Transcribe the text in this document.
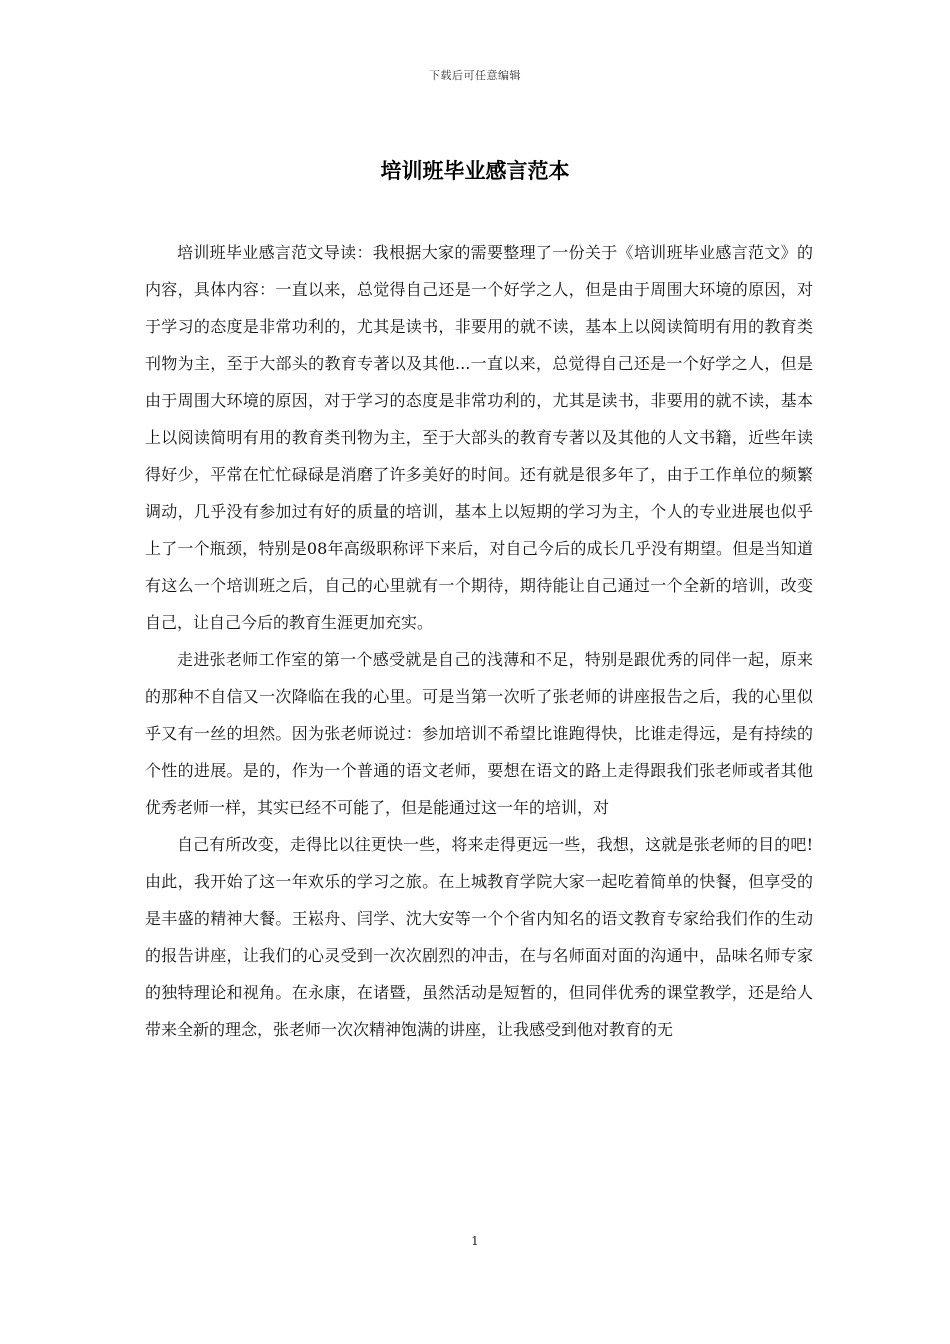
下载后可任意编辑
培训班毕业感言范本

培训班毕业感言范文导读：我根据大家的需要整理了一份关于《培训班毕业感言范文》的内容，具体内容：一直以来，总觉得自己还是一个好学之人，但是由于周围大环境的原因，对于学习的态度是非常功利的，尤其是读书，非要用的就不读，基本上以阅读简明有用的教育类刊物为主，至于大部头的教育专著以及其他...一直以来，总觉得自己还是一个好学之人，但是由于周围大环境的原因，对于学习的态度是非常功利的，尤其是读书，非要用的就不读，基本上以阅读简明有用的教育类刊物为主，至于大部头的教育专著以及其他的人文书籍，近些年读得好少，平常在忙忙碌碌是消磨了许多美好的时间。还有就是很多年了，由于工作单位的频繁调动，几乎没有参加过有好的质量的培训，基本上以短期的学习为主，个人的专业进展也似乎上了一个瓶颈，特别是08年高级职称评下来后，对自己今后的成长几乎没有期望。但是当知道有这么一个培训班之后，自己的心里就有一个期待，期待能让自己通过一个全新的培训，改变自己，让自己今后的教育生涯更加充实。

走进张老师工作室的第一个感受就是自己的浅薄和不足，特别是跟优秀的同伴一起，原来的那种不自信又一次降临在我的心里。可是当第一次听了张老师的讲座报告之后，我的心里似乎又有一丝的坦然。因为张老师说过：参加培训不希望比谁跑得快，比谁走得远，是有持续的个性的进展。是的，作为一个普通的语文老师，要想在语文的路上走得跟我们张老师或者其他优秀老师一样，其实已经不可能了，但是能通过这一年的培训，对

自己有所改变，走得比以往更快一些，将来走得更远一些，我想，这就是张老师的目的吧!由此，我开始了这一年欢乐的学习之旅。在上城教育学院大家一起吃着简单的快餐，但享受的是丰盛的精神大餐。王崧舟、闫学、沈大安等一个个省内知名的语文教育专家给我们作的生动的报告讲座，让我们的心灵受到一次次剧烈的冲击，在与名师面对面的沟通中，品味名师专家的独特理论和视角。在永康，在诸暨，虽然活动是短暂的，但同伴优秀的课堂教学，还是给人带来全新的理念，张老师一次次精神饱满的讲座，让我感受到他对教育的无

1
